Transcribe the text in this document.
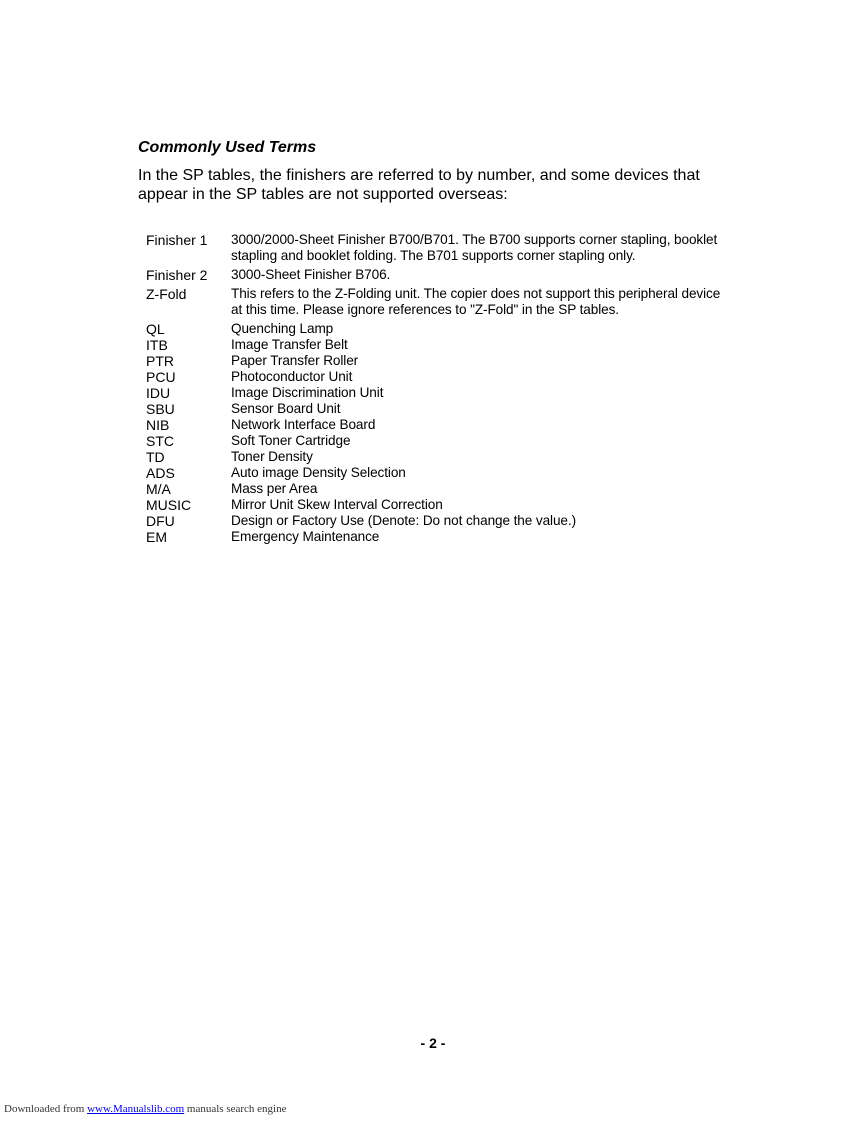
Commonly Used Terms

In the SP tables, the finishers are referred to by number, and some devices that appear in the SP tables are not supported overseas:

Finisher 1	3000/2000-Sheet Finisher B700/B701. The B700 supports corner stapling, booklet stapling and booklet folding. The B701 supports corner stapling only.
Finisher 2	3000-Sheet Finisher B706.
Z-Fold	This refers to the Z-Folding unit. The copier does not support this peripheral device at this time. Please ignore references to "Z-Fold" in the SP tables.
QL	Quenching Lamp
ITB	Image Transfer Belt
PTR	Paper Transfer Roller
PCU	Photoconductor Unit
IDU	Image Discrimination Unit
SBU	Sensor Board Unit
NIB	Network Interface Board
STC	Soft Toner Cartridge
TD	Toner Density
ADS	Auto image Density Selection
M/A	Mass per Area
MUSIC	Mirror Unit Skew Interval Correction
DFU	Design or Factory Use (Denote: Do not change the value.)
EM	Emergency Maintenance
- 2 -
Downloaded from www.Manualslib.com manuals search engine
